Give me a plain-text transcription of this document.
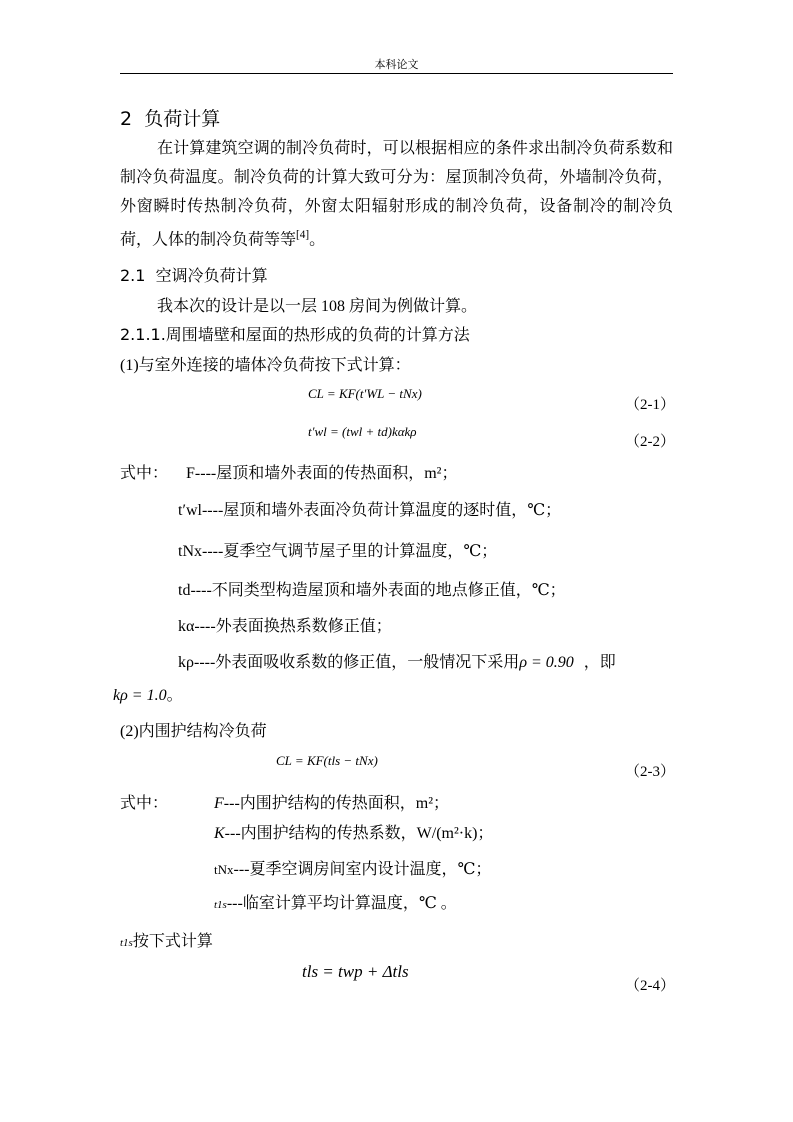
本科论文
2 负荷计算
在计算建筑空调的制冷负荷时，可以根据相应的条件求出制冷负荷系数和制冷负荷温度。制冷负荷的计算大致可分为：屋顶制冷负荷，外墙制冷负荷，外窗瞬时传热制冷负荷，外窗太阳辐射形成的制冷负荷，设备制冷的制冷负荷，人体的制冷负荷等等[4]。
2.1 空调冷负荷计算
我本次的设计是以一层 108 房间为例做计算。
2.1.1.周围墙壁和屋面的热形成的负荷的计算方法
(1)与室外连接的墙体冷负荷按下式计算：
CL = KF(t′WL − tNx)
（2-1）
t′wl = (twl + td)kαkρ
（2-2）
式中： F----屋顶和墙外表面的传热面积，m²；
t′wl----屋顶和墙外表面冷负荷计算温度的逐时值，℃；
tNx----夏季空气调节屋子里的计算温度，℃；
td----不同类型构造屋顶和墙外表面的地点修正值，℃；
kα----外表面换热系数修正值；
kρ----外表面吸收系数的修正值，一般情况下采用ρ = 0.90 ，即
kρ = 1.0。
(2)内围护结构冷负荷
CL = KF(tls − tNx)
（2-3）
式中：	F---内围护结构的传热面积，m²；
K---内围护结构的传热系数，W/(m²·k)；
tNx---夏季空调房间室内设计温度，℃；
t1s---临室计算平均计算温度，℃ 。
t1s按下式计算
tls = twp + Δtls
（2-4）
